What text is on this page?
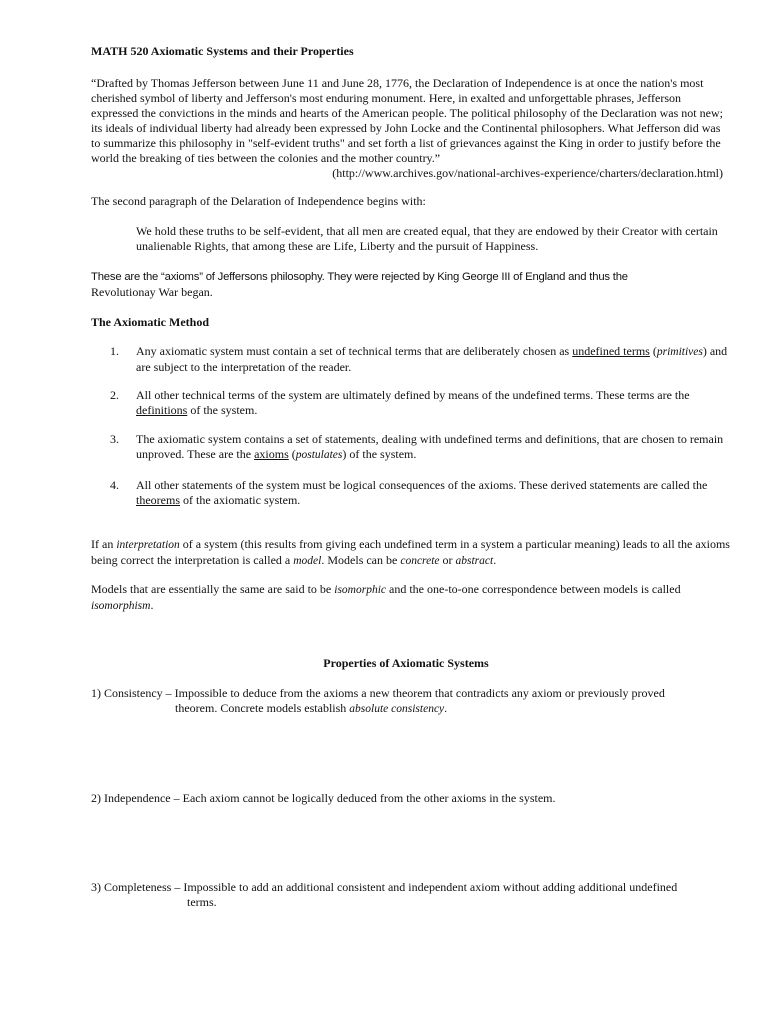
MATH 520 Axiomatic Systems and their Properties

“Drafted by Thomas Jefferson between June 11 and June 28, 1776, the Declaration of Independence is at once the nation's most cherished symbol of liberty and Jefferson's most enduring monument. Here, in exalted and unforgettable phrases, Jefferson expressed the convictions in the minds and hearts of the American people. The political philosophy of the Declaration was not new; its ideals of individual liberty had already been expressed by John Locke and the Continental philosophers. What Jefferson did was to summarize this philosophy in "self-evident truths" and set forth a list of grievances against the King in order to justify before the world the breaking of ties between the colonies and the mother country.”
(http://www.archives.gov/national-archives-experience/charters/declaration.html)

The second paragraph of the Delaration of Independence begins with:

We hold these truths to be self-evident, that all men are created equal, that they are endowed by their Creator with certain unalienable Rights, that among these are Life, Liberty and the pursuit of Happiness.

These are the “axioms” of Jeffersons philosophy. They were rejected by King George III of England and thus the
Revolutionay War began.

The Axiomatic Method

1.	Any axiomatic system must contain a set of technical terms that are deliberately chosen as undefined terms (primitives) and are subject to the interpretation of the reader.
2.	All other technical terms of the system are ultimately defined by means of the undefined terms. These terms are the definitions of the system.
3.	The axiomatic system contains a set of statements, dealing with undefined terms and definitions, that are chosen to remain unproved. These are the axioms (postulates) of the system.
4.	All other statements of the system must be logical consequences of the axioms. These derived statements are called the theorems of the axiomatic system.

If an interpretation of a system (this results from giving each undefined term in a system a particular meaning) leads to all the axioms being correct the interpretation is called a model. Models can be concrete or abstract.

Models that are essentially the same are said to be isomorphic and the one-to-one correspondence between models is called isomorphism.

Properties of Axiomatic Systems

1) Consistency – Impossible to deduce from the axioms a new theorem that contradicts any axiom or previously proved
theorem. Concrete models establish absolute consistency.
2) Independence – Each axiom cannot be logically deduced from the other axioms in the system.
3) Completeness – Impossible to add an additional consistent and independent axiom without adding additional undefined
terms.
